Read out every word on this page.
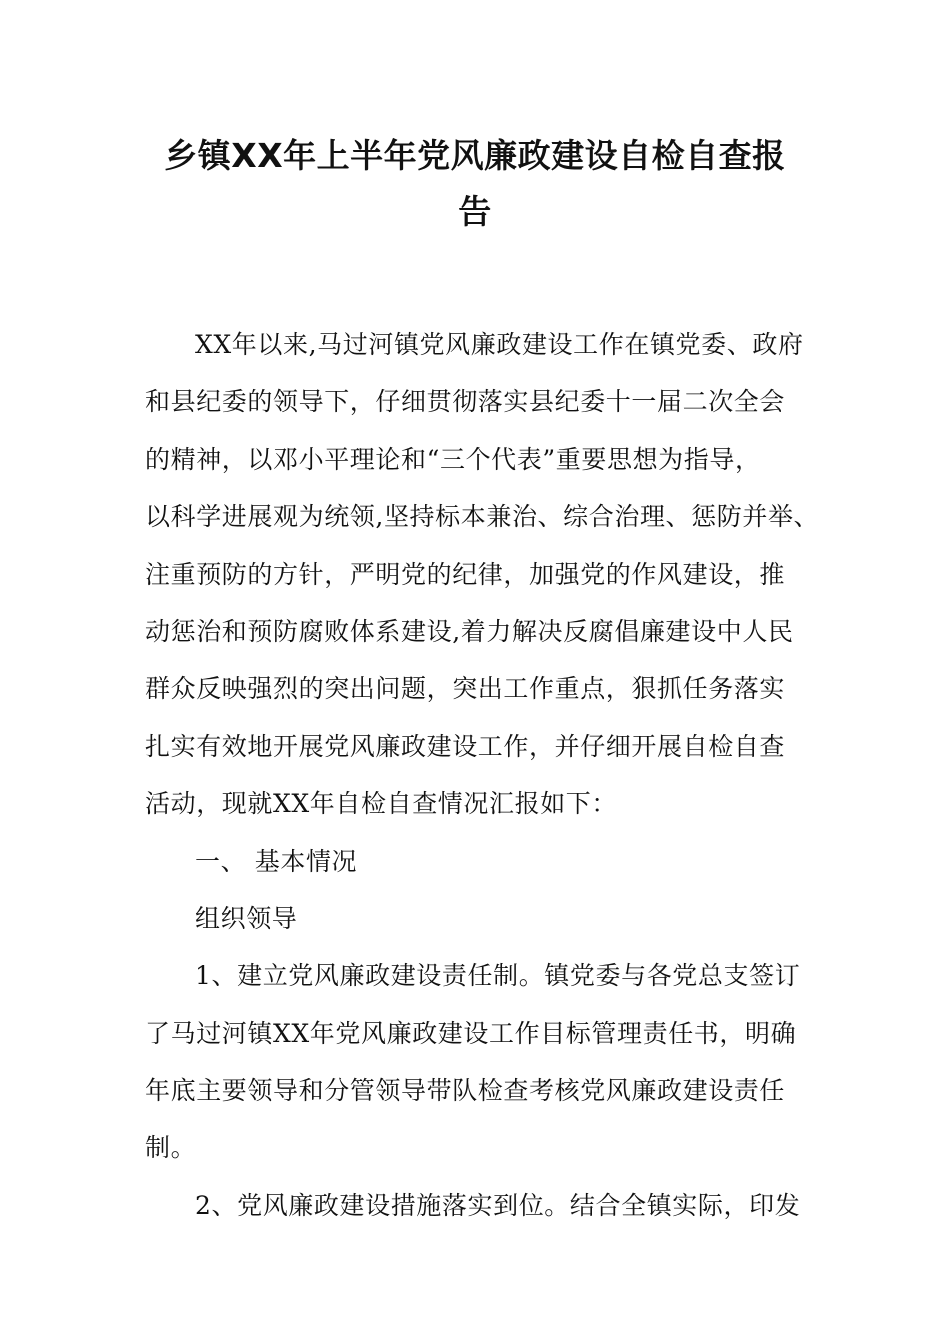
乡镇XX年上半年党风廉政建设自检自查报
告
XX年以来,马过河镇党风廉政建设工作在镇党委、政府
和县纪委的领导下，仔细贯彻落实县纪委十一届二次全会
的精神，以邓小平理论和“三个代表”重要思想为指导，
以科学进展观为统领,坚持标本兼治、综合治理、惩防并举、
注重预防的方针，严明党的纪律，加强党的作风建设，推
动惩治和预防腐败体系建设,着力解决反腐倡廉建设中人民
群众反映强烈的突出问题，突出工作重点，狠抓任务落实
扎实有效地开展党风廉政建设工作，并仔细开展自检自查
活动，现就XX年自检自查情况汇报如下：
一、 基本情况
组织领导
1、建立党风廉政建设责任制。镇党委与各党总支签订
了马过河镇XX年党风廉政建设工作目标管理责任书，明确
年底主要领导和分管领导带队检查考核党风廉政建设责任
制。
2、党风廉政建设措施落实到位。结合全镇实际，印发
